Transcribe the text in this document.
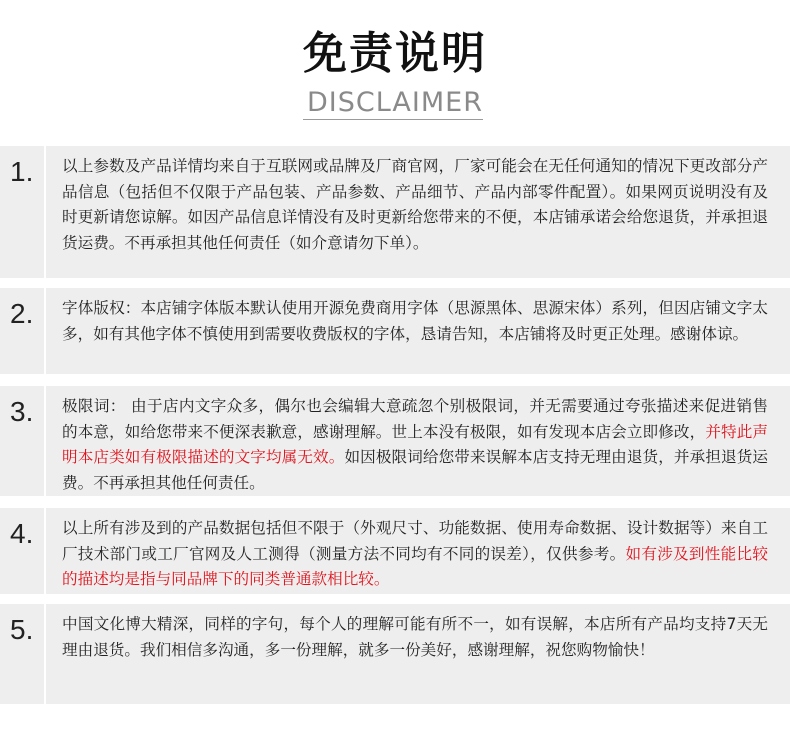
免责说明
DISCLAIMER
1. 以上参数及产品详情均来自于互联网或品牌及厂商官网，厂家可能会在无任何通知的情况下更改部分产品信息（包括但不仅限于产品包装、产品参数、产品细节、产品内部零件配置）。如果网页说明没有及时更新请您谅解。如因产品信息详情没有及时更新给您带来的不便，本店铺承诺会给您退货，并承担退货运费。不再承担其他任何责任（如介意请勿下单）。
2. 字体版权：本店铺字体版本默认使用开源免费商用字体（思源黑体、思源宋体）系列，但因店铺文字太多，如有其他字体不慎使用到需要收费版权的字体，恳请告知，本店铺将及时更正处理。感谢体谅。
3. 极限词： 由于店内文字众多，偶尔也会编辑大意疏忽个别极限词，并无需要通过夸张描述来促进销售的本意，如给您带来不便深表歉意，感谢理解。世上本没有极限，如有发现本店会立即修改，并特此声明本店类如有极限描述的文字均属无效。如因极限词给您带来误解本店支持无理由退货，并承担退货运费。不再承担其他任何责任。
4. 以上所有涉及到的产品数据包括但不限于（外观尺寸、功能数据、使用寿命数据、设计数据等）来自工厂技术部门或工厂官网及人工测得（测量方法不同均有不同的误差），仅供参考。如有涉及到性能比较的描述均是指与同品牌下的同类普通款相比较。
5. 中国文化博大精深，同样的字句，每个人的理解可能有所不一，如有误解，本店所有产品均支持7天无理由退货。我们相信多沟通，多一份理解，就多一份美好，感谢理解，祝您购物愉快！
